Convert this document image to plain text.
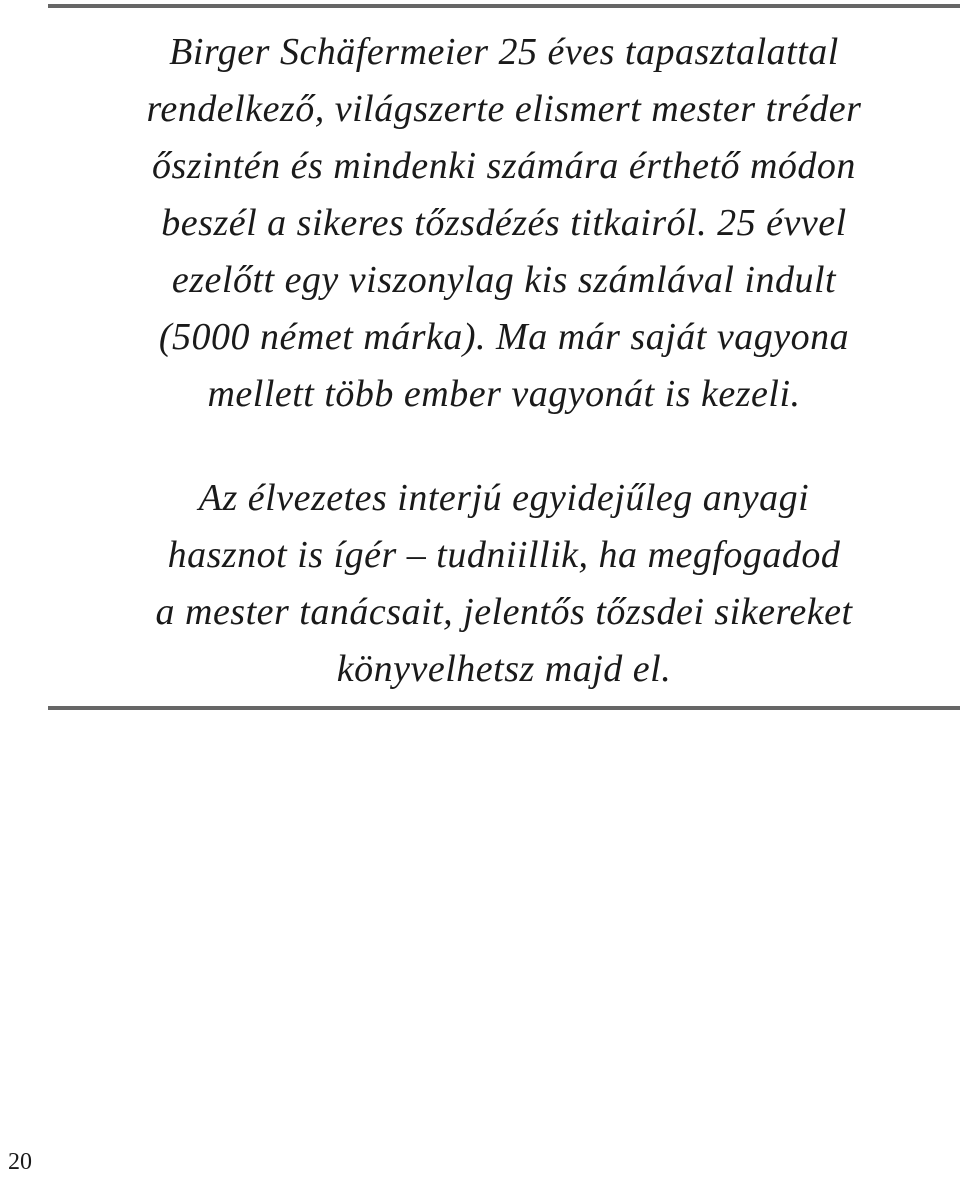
Birger Schäfermeier 25 éves tapasztalattal
rendelkező, világszerte elismert mester tréder
őszintén és mindenki számára érthető módon
beszél a sikeres tőzsdézés titkairól. 25 évvel
ezelőtt egy viszonylag kis számlával indult
(5000 német márka). Ma már saját vagyona
mellett több ember vagyonát is kezeli.
Az élvezetes interjú egyidejűleg anyagi
hasznot is ígér – tudniillik, ha megfogadod
a mester tanácsait, jelentős tőzsdei sikereket
könyvelhetsz majd el.
20
